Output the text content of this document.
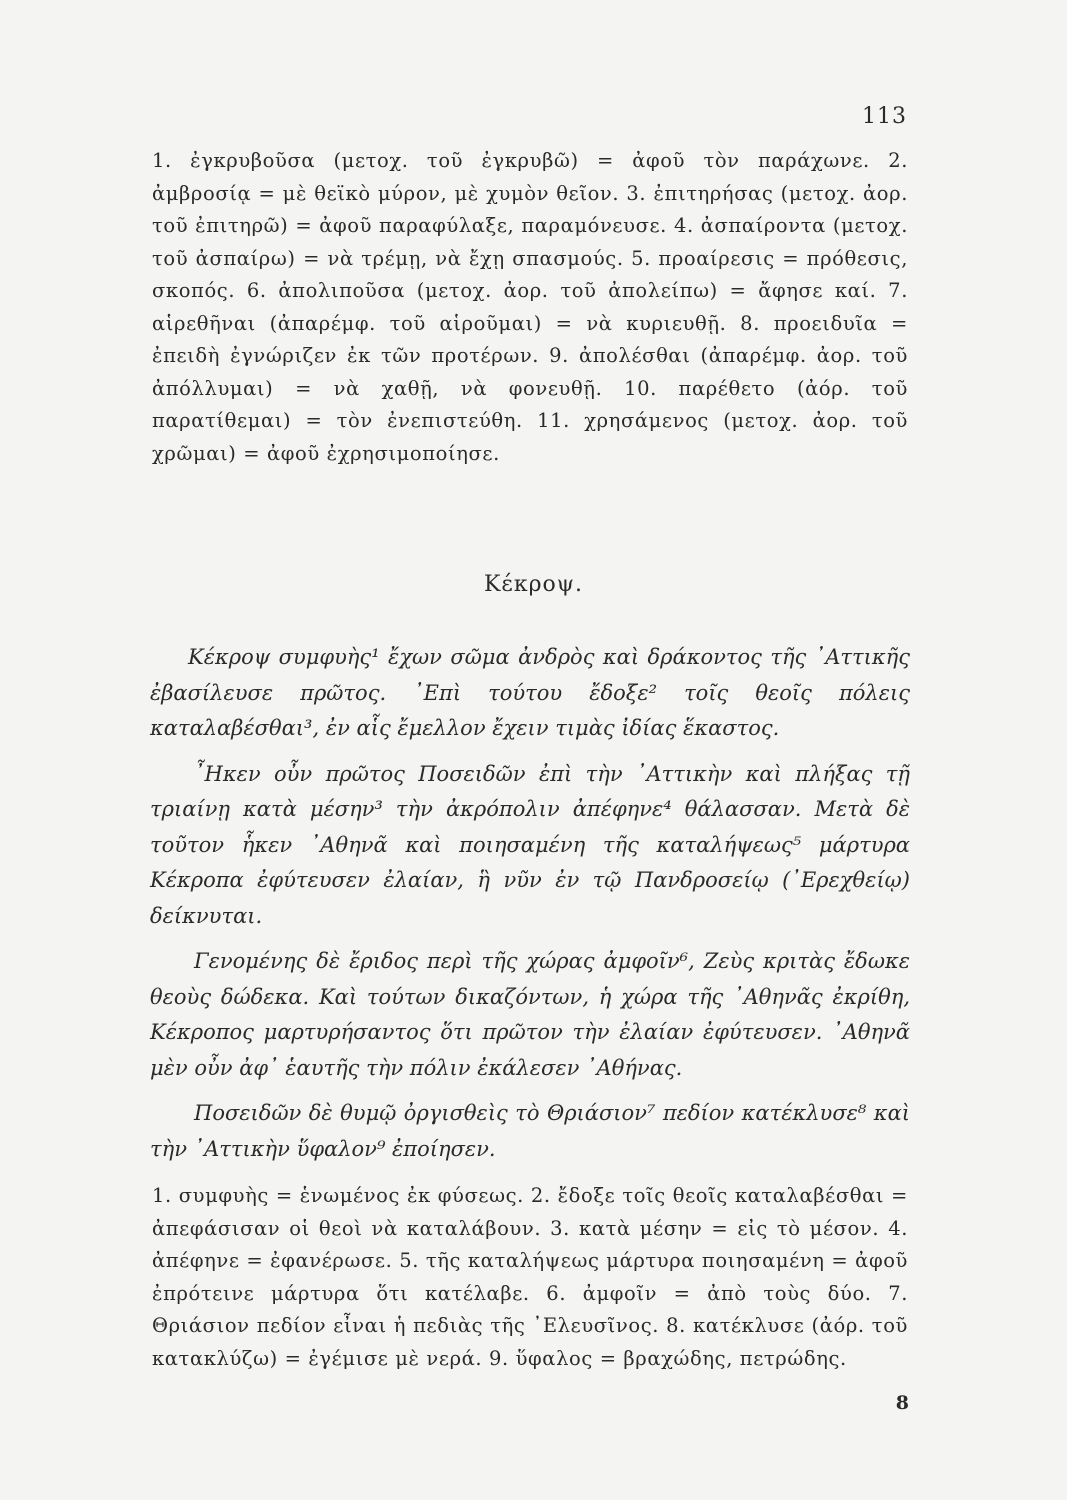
113

1. ἐγκρυβοῦσα (μετοχ. τοῦ ἐγκρυβῶ) = ἀφοῦ τὸν παράχωνε. 2. ἀμβροσίᾳ = μὲ θεϊκὸ μύρον, μὲ χυμὸν θεῖον. 3. ἐπιτηρήσας (μετοχ. ἀορ. τοῦ ἐπιτηρῶ) = ἀφοῦ παραφύλαξε, παραμόνευσε. 4. ἀσπαίροντα (μετοχ. τοῦ ἀσπαίρω) = νὰ τρέμῃ, νὰ ἔχῃ σπασμούς. 5. προαίρεσις = πρόθεσις, σκοπός. 6. ἀπολιποῦσα (μετοχ. ἀορ. τοῦ ἀπολείπω) = ἄφησε καί. 7. αἱρεθῆναι (ἀπαρέμφ. τοῦ αἱροῦμαι) = νὰ κυριευθῇ. 8. προειδυῖα = ἐπειδὴ ἐγνώριζεν ἐκ τῶν προτέρων. 9. ἀπολέσθαι (ἀπαρέμφ. ἀορ. τοῦ ἀπόλλυμαι) = νὰ χαθῇ, νὰ φονευθῇ. 10. παρέθετο (ἀόρ. τοῦ παρατίθεμαι) = τὸν ἐνεπιστεύθη. 11. χρησάμενος (μετοχ. ἀορ. τοῦ χρῶμαι) = ἀφοῦ ἐχρησιμοποίησε.

Κέκροψ.

Κέκροψ συμφυὴς¹ ἔχων σῶμα ἀνδρὸς καὶ δράκοντος τῆς ᾿Αττικῆς ἐβασίλευσε πρῶτος. ᾿Επὶ τούτου ἔδοξε² τοῖς θεοῖς πόλεις καταλαβέσθαι³, ἐν αἷς ἔμελλον ἔχειν τιμὰς ἰδίας ἕκαστος.

῏Ηκεν οὖν πρῶτος Ποσειδῶν ἐπὶ τὴν ᾿Αττικὴν καὶ πλήξας τῇ τριαίνῃ κατὰ μέσην³ τὴν ἀκρόπολιν ἀπέφηνε⁴ θάλασσαν. Μετὰ δὲ τοῦτον ἧκεν ᾿Αθηνᾶ καὶ ποιησαμένη τῆς καταλήψεως⁵ μάρτυρα Κέκροπα ἐφύτευσεν ἐλαίαν, ἣ νῦν ἐν τῷ Πανδροσείῳ (᾿Ερεχθείῳ) δείκνυται.

Γενομένης δὲ ἔριδος περὶ τῆς χώρας ἀμφοῖν⁶, Ζεὺς κριτὰς ἔδωκε θεοὺς δώδεκα. Καὶ τούτων δικαζόντων, ἡ χώρα τῆς ᾿Αθηνᾶς ἐκρίθη, Κέκροπος μαρτυρήσαντος ὅτι πρῶτον τὴν ἐλαίαν ἐφύτευσεν. ᾿Αθηνᾶ μὲν οὖν ἀφ᾿ ἑαυτῆς τὴν πόλιν ἐκάλεσεν ᾿Αθήνας.

Ποσειδῶν δὲ θυμῷ ὀργισθεὶς τὸ Θριάσιον⁷ πεδίον κατέκλυσε⁸ καὶ τὴν ᾿Αττικὴν ὕφαλον⁹ ἐποίησεν.

1. συμφυὴς = ἑνωμένος ἐκ φύσεως. 2. ἔδοξε τοῖς θεοῖς καταλαβέσθαι = ἀπεφάσισαν οἱ θεοὶ νὰ καταλάβουν. 3. κατὰ μέσην = εἰς τὸ μέσον. 4. ἀπέφηνε = ἐφανέρωσε. 5. τῆς καταλήψεως μάρτυρα ποιησαμένη = ἀφοῦ ἐπρότεινε μάρτυρα ὅτι κατέλαβε. 6. ἀμφοῖν = ἀπὸ τοὺς δύο. 7. Θριάσιον πεδίον εἶναι ἡ πεδιὰς τῆς ᾿Ελευσῖνος. 8. κατέκλυσε (ἀόρ. τοῦ κατακλύζω) = ἐγέμισε μὲ νερά. 9. ὕφαλος = βραχώδης, πετρώδης.

8
